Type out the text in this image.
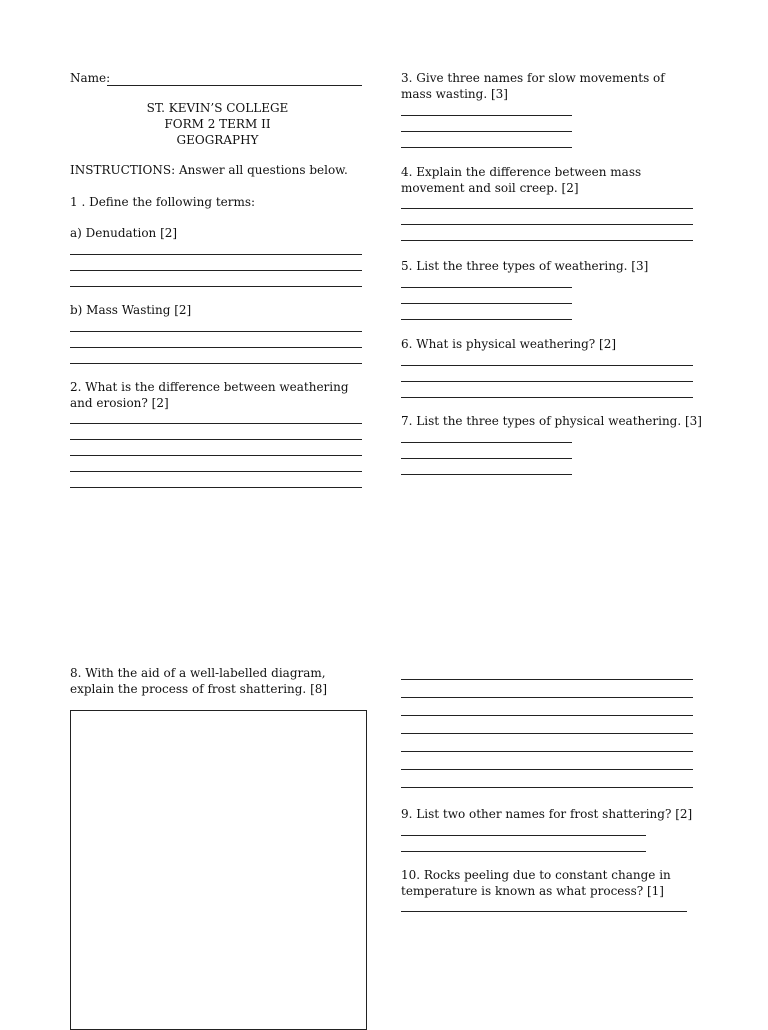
Name:
ST. KEVIN’S COLLEGE
FORM 2 TERM II
GEOGRAPHY
INSTRUCTIONS: Answer all questions below.
1 . Define the following terms:
a) Denudation [2]
b) Mass Wasting [2]
2. What is the difference between weathering and erosion? [2]
3. Give three names for slow movements of mass wasting. [3]
4. Explain the difference between mass movement and soil creep. [2]
5. List the three types of weathering. [3]
6. What is physical weathering? [2]
7. List the three types of physical weathering. [3]
8. With the aid of a well-labelled diagram, explain the process of frost shattering. [8]
9. List two other names for frost shattering? [2]
10. Rocks peeling due to constant change in temperature is known as what process? [1]
